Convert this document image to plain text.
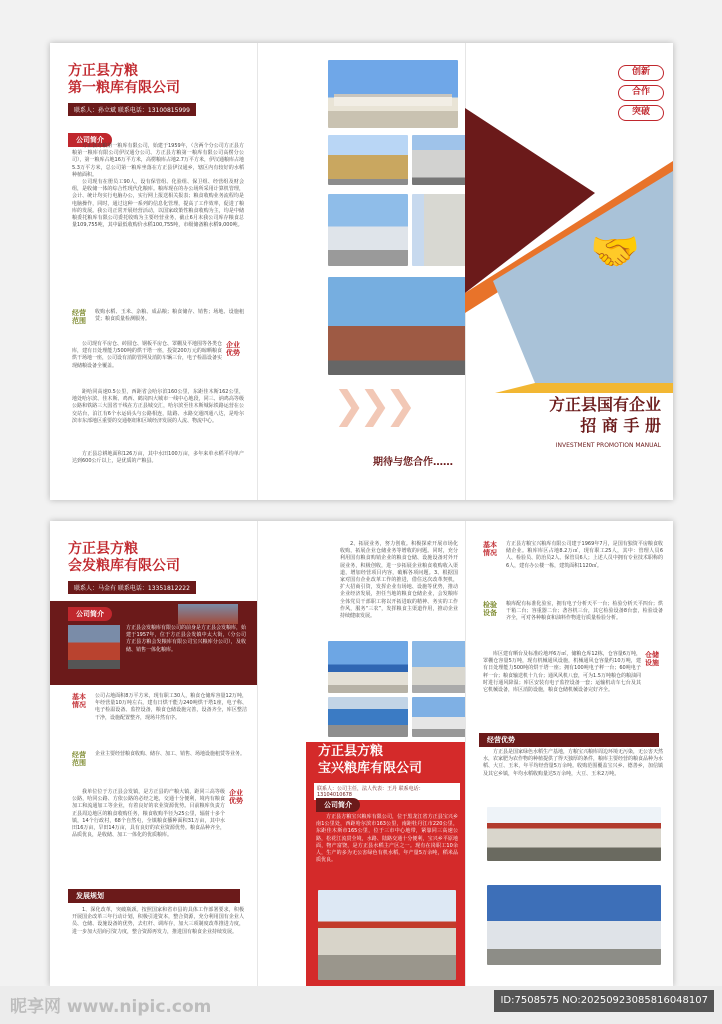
方正县方粮
第一粮库有限公司
联系人：孙立斌 联系电话：13100815999
公司简介

方正县方粮第一粮库有限公司，始建于1959年，（含两个分公司方正县方粮第一粮库有限公司伊汉通分公司、方正县方粮第一粮库有限公司高楞分公司），第一粮库占地16万平方米，高楞粮库占地2.7万平方米，伊汉通粮库占地5.3万平方米，总公司第一粮库坐落在方正县伊汉通乡，辖区内有较好的水稻种植面积。

公司现有在册员工90人，设有保管组、化验组、保卫组、经营组及财会组，是收储一体的综合性现代化粮库。粮库现在的办公场所采用计算机管理，会计、统计均实行电脑办公，实行网上报送相关报表；粮食收购业务流程均是电脑操作，同时，通过这种一系列的信息化管理，提高了工作效率，促进了粮库的发展。我公司正常开展经营活动，以国家政策性粮食收购为主，均是中储粮委托粮库有限公司委托收购为主要经营业务，截止6月末我公司库存粮食总量109,755吨，其中最低收购价水稻100,755吨，市级储备粮水稻9,000吨。

经营范围
收购水稻、玉米、杂粮、成品粮；粮食储存、销售；场地、设施租赁；粮食质量检测服务。
公司现有平房仓、砖圆仓、钢板平房仓、罩棚及平地囤等各类仓库，建有日处理能力500吨的烘干塔一座，投资200万元的晾晒粮食烘干场地一座，公司设有消防管网及消防车辆三台，电子检温设备实现储粮设备全覆盖。
企业优势
距哈同高速0.5公里，西距省会哈尔滨160公里，东距佳木斯162公里，地处哈尔滨、佳木斯、鸡西、鹤岗四大城市一线中心地段，同三、讷鸡高等级公路和铁路三大国省干线在方正县城交汇，哈尔滨至佳木斯城际铁路运营在公交站台，泊江有6个水运码头与公路相连，陆路、水路交通四通八达，是哈尔滨市东部地区重要的交通枢纽和区域经济发展的人流、物流中心。
方正县总耕地面积126万亩，其中水田100万亩，多年来单水稻平均单产达到600公斤以上，是优质的产粮县。
❯❯❯
期待与您合作……
创新
合作
突破
🤝
方正县国有企业
招 商 手 册
INVESTMENT PROMOTION MANUAL
方正县方粮
会发粮库有限公司
联系人：马金有 联系电话：13351812222
公司简介
方正县会发粮库有限公司的前身是方正县会发粮库，始建于1957年，位于方正县会发镇中太大街，（分公司方正县方粮会发粮库有限公司宝兴粮库分公司），及收储、销售一体化粮库。
基本情况
公司占地面积8万平方米，现有职工30人，粮食仓储库容量12万吨，年经营量10万吨左右，建有日烘干能力240吨烘干塔1座，电子称、电子检温设备、监控设备，粮食仓储设施完善，设备齐全，库区整洁干净，设施配置整齐，现场井然有序。
经营范围
企业主要经营粮食收购、储存、加工、销售、场地设施租赁等业务。
我单位位于方正县会发镇，是方正县的产粮大镇，距同三高等级公路，哈同公路、方依公路的必经之地，交通十分便利，境内有粮食加工和流通加工等企业，有着良好的农业资源优势。目前粮库负责方正县周边地区的粮食收购任务，粮食收购半径为25公里，辐射十多个镇，14个行政村，68个自然屯，全镇粮食播种面积31万亩，其中水田16万亩，旱田14万亩，具有良好的农业资源优势。粮食品种齐全，品质优良，是收储、加工一体化的优质粮库。
企业优势
发展规划
1、深化改革，突破瓶颈。按照国家和省市县的具体工作部署要求，积极开展国企改革三年行动计划，积极引进资本，整合资源，充分利用国有企业人员、仓储、设施设备的优势，去杠杆、调库存，加大三项制度改革推进力度，进一步加大招商引资力度，整合资源再发力，推进国有粮食企业持续发展。
2、拓展业务，努力创收。积极探索开展市场化收购，拓展企业仓储业务等增收的问题。同时，充分利用国有粮食购销企业的粮食仓储、设施设备对外开展业务，积极创收，进一步拓展企业粮食收购收入渠道，增加经营项目内容，破解各项问题。3、根据国家对国有企业改革工作的推进，借住这次改革契机，扩大招商引资，发挥企业有场地、设施等优势，推动企业经济发展，担任当地的粮食仓储企业，会发粮库全体党员干部职工将以开拓进取的精神、务实的工作作风，服务“三农”，发挥粮食主渠道作用，推动企业持续健康发展。
方正县方粮
宝兴粮库有限公司
联系人：公司主任，法人代表：王丹 联系电话：13104010678
公司简介
方正县方粮宝兴粮库有限公司，位于黑龙江省方正县宝兴乡南1公里处，西距哈尔滨市163公里，南距牡丹江市220公里，东距佳木斯市165公里，位于三市中心地带，紧靠同三高速公路，松花江流贯全境，水路、陆路交通十分便利，宝兴乡平原地面，物产富饶，是方正县水稻主产区之一。现有在岗职工10余人，生产的多为无公害绿色有机水稻，年产量5万余吨，稻米品质优良。
基本情况
方正县方粮宝兴粮库有限公司建于1969年7月，是国有独资平房粮食收储企业。粮库库区占地8.2万㎡，现有职工25人，其中：管理人员6人、检验员、防治员2人、保管员6人；上述人员中拥有专业技术职称的6人，建有办公楼一栋，建筑面积1120㎡。
检验设备
粮库配有标准化验室，拥有电子分析天平一台；检验分析天平四台；烘干箱二台；容重器二台；砻谷机三台，其它检验设备8台套，检验设备齐全，可对各种粮食和油料作物进行质量检验分析。
库区建有晒台及标准砼地坪6万㎡，储粮仓库12栋，仓容量6万吨，罩棚仓容量5万吨，现有机械通风设施，机械通风仓容量约10万吨，建有日处理能力500吨的烘干塔一座；拥有100吨电子秤一台；60吨电子秤一台；粮食输送机十九台；通风风机八套，可为1.5万吨粮仓的粮油同时进行通风降温；库区安装有电子监控设备一套；运输机动车七台及其它机械设备，库区消防设施，粮食仓储机械设备完好齐全。
仓储设施
经营优势
方正县是国家绿色水稻生产基地，方粮宝兴粮库周边环境无污染，无公害天然水，农家肥为农作物的种植提供了得天独厚的条件，粮库主要经营的粮食品种为水稻、大豆、玉米，年平均经营量5万余吨。收购范围覆盖宝兴乡、德善乡，加信镇及其它乡镇，年均水稻收购量达5万余吨，大豆、玉米2万吨。
昵享网 www.nipic.com	ID:7508575 NO:20250923085816048107
